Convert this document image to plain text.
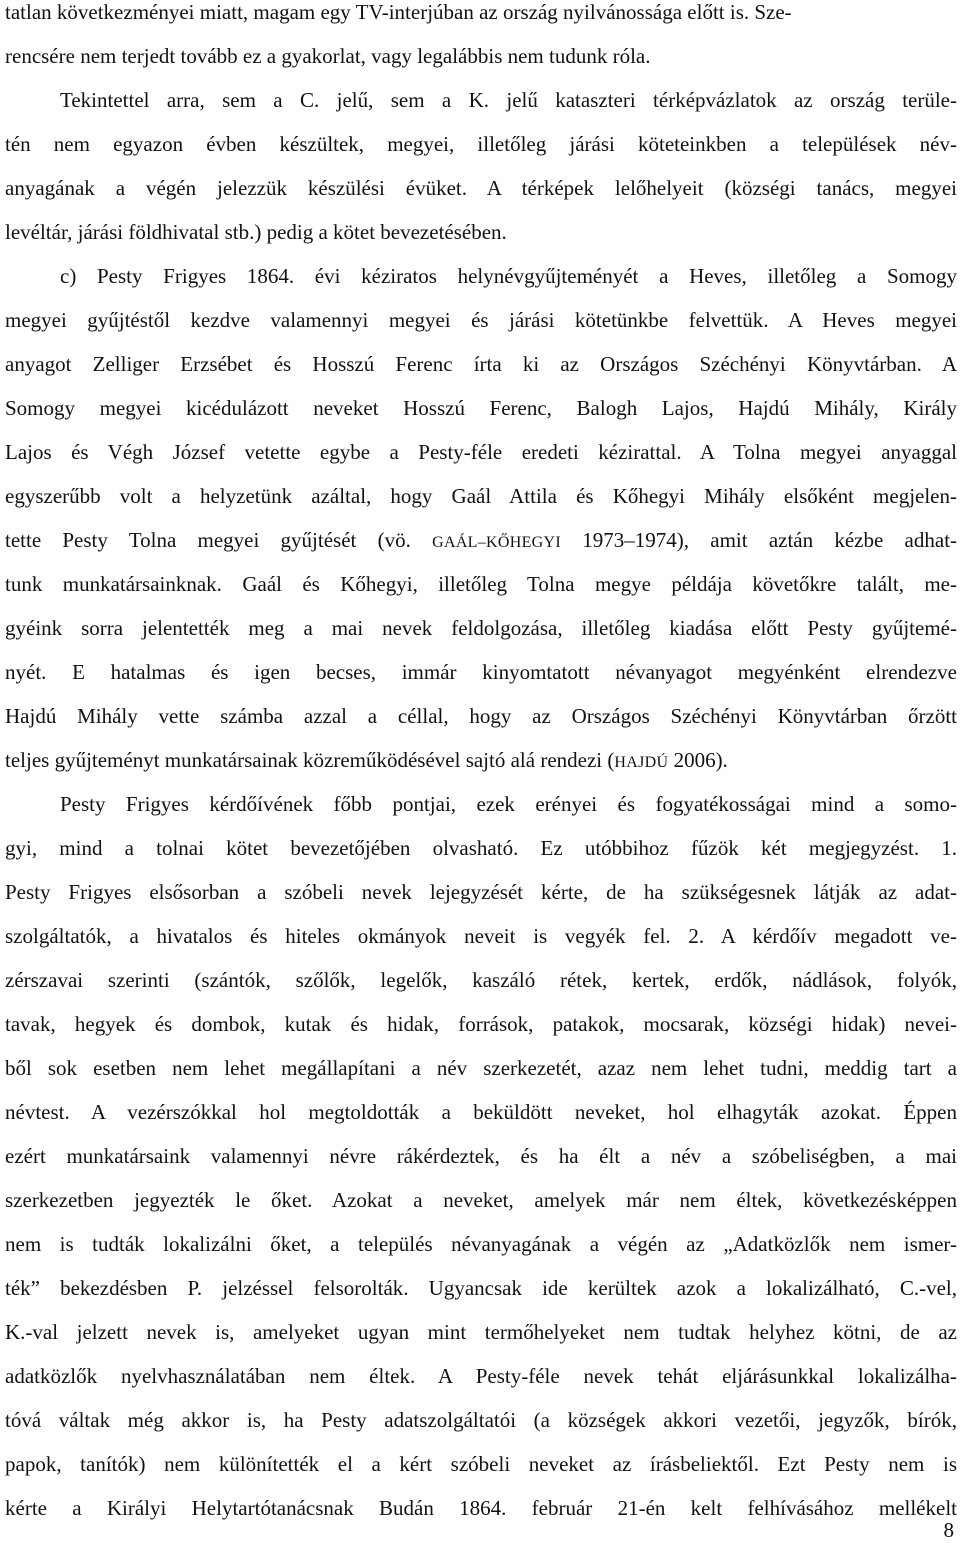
tatlan következményei miatt, magam egy TV-interjúban az ország nyilvánossága előtt is. Sze-
rencsére nem terjedt tovább ez a gyakorlat, vagy legalábbis nem tudunk róla.
Tekintettel arra, sem a C. jelű, sem a K. jelű kataszteri térképvázlatok az ország terüle-
tén nem egyazon évben készültek, megyei, illetőleg járási köteteinkben a települések név-
anyagának a végén jelezzük készülési évüket. A térképek lelőhelyeit (községi tanács, megyei
levéltár, járási földhivatal stb.) pedig a kötet bevezetésében.
c) Pesty Frigyes 1864. évi kéziratos helynévgyűjteményét a Heves, illetőleg a Somogy
megyei gyűjtéstől kezdve valamennyi megyei és járási kötetünkbe felvettük. A Heves megyei
anyagot Zelliger Erzsébet és Hosszú Ferenc írta ki az Országos Széchényi Könyvtárban. A
Somogy megyei kicédulázott neveket Hosszú Ferenc, Balogh Lajos, Hajdú Mihály, Király
Lajos és Végh József vetette egybe a Pesty-féle eredeti kézirattal. A Tolna megyei anyaggal
egyszerűbb volt a helyzetünk azáltal, hogy Gaál Attila és Kőhegyi Mihály elsőként megjelen-
tette Pesty Tolna megyei gyűjtését (vö. GAÁL–KŐHEGYI 1973–1974), amit aztán kézbe adhat-
tunk munkatársainknak. Gaál és Kőhegyi, illetőleg Tolna megye példája követőkre talált, me-
gyéink sorra jelentették meg a mai nevek feldolgozása, illetőleg kiadása előtt Pesty gyűjtemé-
nyét. E hatalmas és igen becses, immár kinyomtatott névanyagot megyénként elrendezve
Hajdú Mihály vette számba azzal a céllal, hogy az Országos Széchényi Könyvtárban őrzött
teljes gyűjteményt munkatársainak közreműködésével sajtó alá rendezi (HAJDÚ 2006).
Pesty Frigyes kérdőívének főbb pontjai, ezek erényei és fogyatékosságai mind a somo-
gyi, mind a tolnai kötet bevezetőjében olvasható. Ez utóbbihoz fűzök két megjegyzést. 1.
Pesty Frigyes elsősorban a szóbeli nevek lejegyzését kérte, de ha szükségesnek látják az adat-
szolgáltatók, a hivatalos és hiteles okmányok neveit is vegyék fel. 2. A kérdőív megadott ve-
zérszavai szerinti (szántók, szőlők, legelők, kaszáló rétek, kertek, erdők, nádlások, folyók,
tavak, hegyek és dombok, kutak és hidak, források, patakok, mocsarak, községi hidak) nevei-
ből sok esetben nem lehet megállapítani a név szerkezetét, azaz nem lehet tudni, meddig tart a
névtest. A vezérszókkal hol megtoldották a beküldött neveket, hol elhagyták azokat. Éppen
ezért munkatársaink valamennyi névre rákérdeztek, és ha élt a név a szóbeliségben, a mai
szerkezetben jegyezték le őket. Azokat a neveket, amelyek már nem éltek, következésképpen
nem is tudták lokalizálni őket, a település névanyagának a végén az „Adatközlők nem ismer-
ték” bekezdésben P. jelzéssel felsorolták. Ugyancsak ide kerültek azok a lokalizálható, C.-vel,
K.-val jelzett nevek is, amelyeket ugyan mint termőhelyeket nem tudtak helyhez kötni, de az
adatközlők nyelvhasználatában nem éltek. A Pesty-féle nevek tehát eljárásunkkal lokalizálha-
tóvá váltak még akkor is, ha Pesty adatszolgáltatói (a községek akkori vezetői, jegyzők, bírók,
papok, tanítók) nem különítették el a kért szóbeli neveket az írásbeliektől. Ezt Pesty nem is
kérte a Királyi Helytartótanácsnak Budán 1864. február 21-én kelt felhívásához mellékelt
8
